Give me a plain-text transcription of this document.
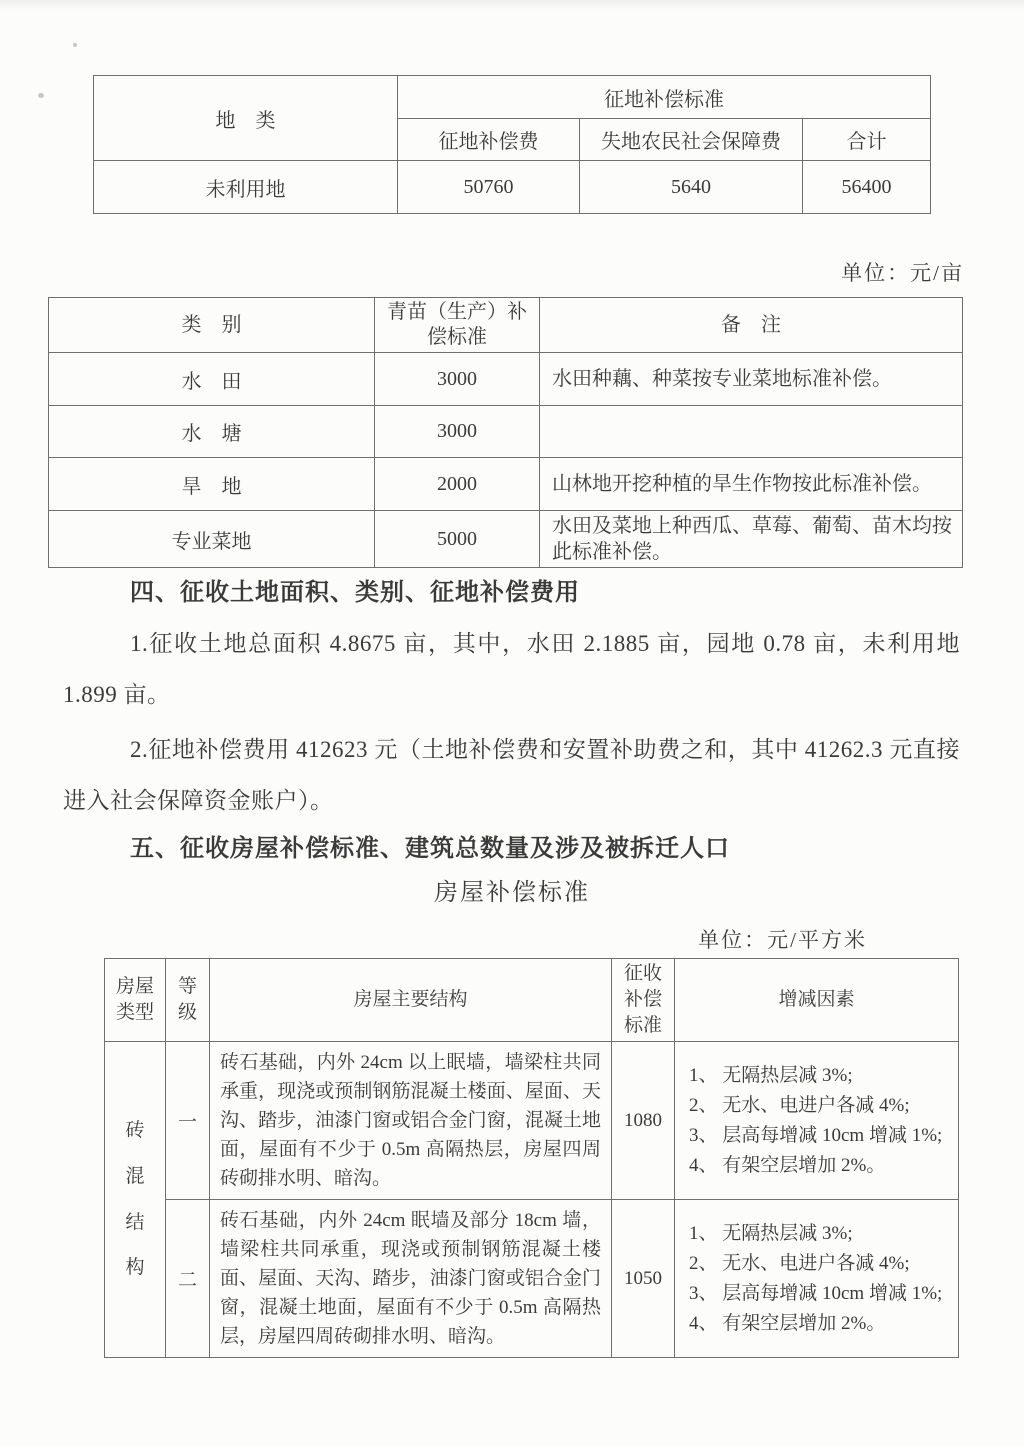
地　类	征地补偿标准		
	征地补偿费	失地农民社会保障费	合计
未利用地	50760	5640	56400
单位：元/亩
类　别	青苗（生产）补偿标准	备　注
水　田	3000	水田种藕、种菜按专业菜地标准补偿。
水　塘	3000	
旱　地	2000	山林地开挖种植的旱生作物按此标准补偿。
专业菜地	5000	水田及菜地上种西瓜、草莓、葡萄、苗木均按此标准补偿。
四、征收土地面积、类别、征地补偿费用
1.征收土地总面积 4.8675 亩，其中，水田 2.1885 亩，园地 0.78 亩，未利用地 1.899 亩。
2.征地补偿费用 412623 元（土地补偿费和安置补助费之和，其中 41262.3 元直接进入社会保障资金账户）。
五、征收房屋补偿标准、建筑总数量及涉及被拆迁人口
房屋补偿标准
单位：元/平方米
房屋类型	等级	房屋主要结构	征收补偿标准	增减因素

砖混结构	一	砖石基础，内外 24cm 以上眠墙，墙梁柱共同承重，现浇或预制钢筋混凝土楼面、屋面、天沟、踏步，油漆门窗或铝合金门窗，混凝土地面，屋面有不少于 0.5m 高隔热层，房屋四周砖砌排水明、暗沟。	1080	1、 无隔热层减 3%;
2、 无水、电进户各减 4%;
3、 层高每增减 10cm 增减 1%;
4、 有架空层增加 2%。

	二	砖石基础，内外 24cm 眠墙及部分 18cm 墙，墙梁柱共同承重，现浇或预制钢筋混凝土楼面、屋面、天沟、踏步，油漆门窗或铝合金门窗，混凝土地面，屋面有不少于 0.5m 高隔热层，房屋四周砖砌排水明、暗沟。	1050	1、 无隔热层减 3%;
2、 无水、电进户各减 4%;
3、 层高每增减 10cm 增减 1%;
4、 有架空层增加 2%。
